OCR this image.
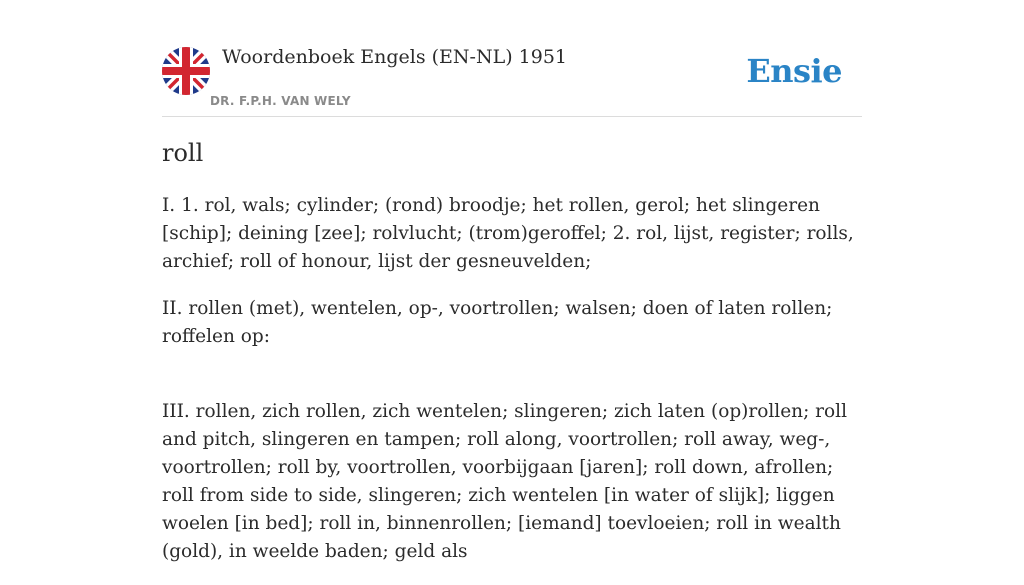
Woordenboek Engels (EN-NL) 1951
DR. F.P.H. VAN WELY
Ensie
roll

I. 1. rol, wals; cylinder; (rond) broodje; het rollen, gerol; het slingeren [schip]; deining [zee]; rolvlucht; (trom)geroffel; 2. rol, lijst, register; rolls, archief; roll of honour, lijst der gesneuvelden;

II. rollen (met), wentelen, op-, voortrollen; walsen; doen of laten rollen; roffelen op:

III. rollen, zich rollen, zich wentelen; slingeren; zich laten (op)rollen; roll and pitch, slingeren en tampen; roll along, voortrollen; roll away, weg-, voortrollen; roll by, voortrollen, voorbijgaan [jaren]; roll down, afrollen; roll from side to side, slingeren; zich wentelen [in water of slijk]; liggen woelen [in bed]; roll in, binnenrollen; [iemand] toevloeien; roll in wealth (gold), in weelde baden; geld als
